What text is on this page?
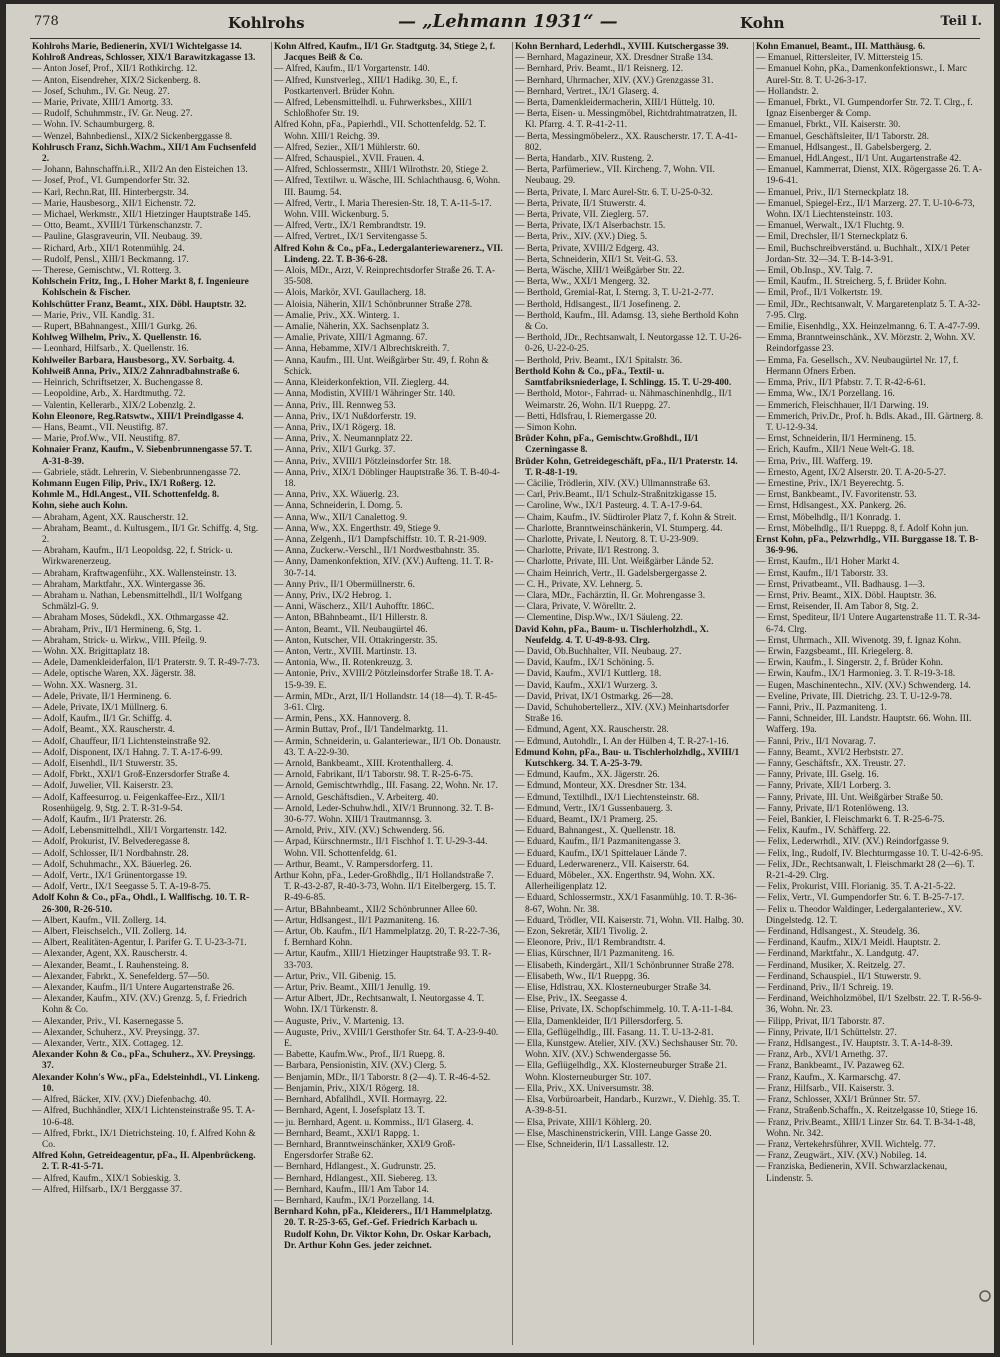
778	Kohlrohs	— „Lehmann 1931“ —	Kohn	Teil I.

Kohlrohs Marie, Bedienerin, XVI/1 Wichtelgasse 14.

Kohlroß Andreas, Schlosser, XIX/1 Barawitzkagasse 13.

— Anton Josef, Prof., XII/1 Rothkirchg. 12.

— Anton, Eisendreher, XIX/2 Sickenberg. 8.

— Josef, Schuhm., IV. Gr. Neug. 27.

— Marie, Private, XIII/1 Amortg. 33.

— Rudolf, Schuhmmstr., IV. Gr. Neug. 27.

— Wohn. IV. Schaumburgerg. 8.

— Wenzel, Bahnbediensl., XIX/2 Sickenberggasse 8.

Kohlrusch Franz, Sichh.Wachm., XII/1 Am Fuchsenfeld 2.

— Johann, Bahnschaffn.i.R., XII/2 An den Eisteichen 13.

— Josef, Prof., VI. Gumpendorfer Str. 32.

— Karl, Rechn.Rat, III. Hinterbergstr. 34.

— Marie, Hausbesorg., XII/1 Eichenstr. 72.

— Michael, Werkmstr., XII/1 Hietzinger Hauptstraße 145.

— Otto, Beamt., XVIII/1 Türkenschanzstr. 7.

— Pauline, Glasgraveurin, VII. Neubaug. 39.

— Richard, Arb., XII/1 Rotenmühlg. 24.

— Rudolf, Pensl., XIII/1 Beckmanng. 17.

— Therese, Gemischtw., VI. Rotterg. 3.

Kohlschein Fritz, Ing., I. Hoher Markt 8, f. Ingenieure Kohlschein & Fischer.

Kohlschütter Franz, Beamt., XIX. Döbl. Hauptstr. 32.

— Marie, Priv., VII. Kandlg. 31.

— Rupert, BBahnangest., XIII/1 Gurkg. 26.

Kohlweg Wilhelm, Priv., X. Quellenstr. 16.

— Leonhard, Hilfsarb., X. Quellenstr. 16.

Kohlweiler Barbara, Hausbesorg., XV. Sorbaitg. 4.

Kohlweiß Anna, Priv., XIX/2 Zahnradbahnstraße 6.

— Heinrich, Schriftsetzer, X. Buchengasse 8.

— Leopoldine, Arb., X. Hardtmuthg. 72.

— Valentin, Kellerarb., XIX/2 Lobenzlg. 2.

Kohn Eleonore, Reg.Ratswtw., XIII/1 Preindlgasse 4.

— Hans, Beamt., VII. Neustiftg. 87.

— Marie, Prof.Ww., VII. Neustiftg. 87.

Kohnaier Franz, Kaufm., V. Siebenbrunnengasse 57. T. A-31-8-39.

— Gabriele, städt. Lehrerin, V. Siebenbrunnengasse 72.

Kohmann Eugen Filip, Priv., IX/1 Roßerg. 12.

Kohmle M., Hdl.Angest., VII. Schottenfeldg. 8.

Kohn, siehe auch Kohn.

— Abraham, Agent, XX. Rauscherstr. 12.

— Abraham, Beamt., d. Kultusgem., II/1 Gr. Schiffg. 4, Stg. 2.

— Abraham, Kaufm., II/1 Leopoldsg. 22, f. Strick- u. Wirkwarenerzeug.

— Abraham, Kraftwagenführ., XX. Wallensteinstr. 13.

— Abraham, Marktfahr., XX. Wintergasse 36.

— Abraham u. Nathan, Lebensmittelhdl., II/1 Wolfgang Schmälzl-G. 9.

— Abraham Moses, Südekdl., XX. Othmargasse 42.

— Abraham, Priv., II/1 Hermineng. 6, Stg. 1.

— Abraham, Strick- u. Wirkw., VIII. Pfeilg. 9.

— Wohn. XX. Brigittaplatz 18.

— Adele, Damenkleiderfalon, II/1 Praterstr. 9. T. R-49-7-73.

— Adele, optische Waren, XX. Jägerstr. 38.

— Wohn. XX. Wasnerg. 31.

— Adele, Private, II/1 Hermineng. 6.

— Adele, Private, IX/1 Müllnerg. 6.

— Adolf, Kaufm., II/1 Gr. Schiffg. 4.

— Adolf, Beamt., XX. Rauscherstr. 4.

— Adolf, Chauffeur, II/1 Lichtensteinstraße 92.

— Adolf, Disponent, IX/1 Hahng. 7. T. A-17-6-99.

— Adolf, Eisenhdl., II/1 Stuwerstr. 35.

— Adolf, Fbrkt., XXI/1 Groß-Enzersdorfer Straße 4.

— Adolf, Juwelier, VII. Kaiserstr. 23.

— Adolf, Kaffeesurrog. u. Feigenkaffee-Erz., XII/1 Rosenhügelg. 9, Stg. 2. T. R-31-9-54.

— Adolf, Kaufm., II/1 Praterstr. 26.

— Adolf, Lebensmittelhdl., XII/1 Vorgartenstr. 142.

— Adolf, Prokurist, IV. Belvederegasse 8.

— Adolf, Schlosser, II/1 Nordbahnstr. 28.

— Adolf, Schuhmachr., XX. Bäuerleg. 26.

— Adolf, Vertr., IX/1 Grünentorgasse 19.

— Adolf, Vertr., IX/1 Seegasse 5. T. A-19-8-75.

Adolf Kohn & Co., pFa., Ohdl., I. Wallfischg. 10. T. R-26-300, R-26-510.

— Albert, Kaufm., VII. Zollerg. 14.

— Albert, Fleischselch., VII. Zollerg. 14.

— Albert, Realitäten-Agentur, I. Parifer G. T. U-23-3-71.

— Alexander, Agent, XX. Rauscherstr. 4.

— Alexander, Beamt., I. Rauhensteing. 8.

— Alexander, Fabrkt., X. Senefelderg. 57—50.

— Alexander, Kaufm., II/1 Untere Augartenstraße 26.

— Alexander, Kaufm., XIV. (XV.) Grenzg. 5, f. Friedrich Kohn & Co.

— Alexander, Priv., VI. Kasernegasse 5.

— Alexander, Schuherz., XV. Preysingg. 37.

— Alexander, Vertr., XIX. Cottageg. 12.

Alexander Kohn & Co., pFa., Schuherz., XV. Preysingg. 37.

Alexander Kohn's Ww., pFa., Edelsteinhdl., VI. Linkeng. 10.

— Alfred, Bäcker, XIV. (XV.) Diefenbachg. 40.

— Alfred, Buchhändler, XIX/1 Lichtensteinstraße 95. T. A-10-6-48.

— Alfred, Fbrkt., IX/1 Dietrichsteing. 10, f. Alfred Kohn & Co.

Alfred Kohn, Getreideagentur, pFa., II. Alpenbrückeng. 2. T. R-41-5-71.

— Alfred, Kaufm., XIX/1 Sobieskig. 3.

— Alfred, Hilfsarb., IX/1 Berggasse 37.

Kohn Alfred, Kaufm., II/1 Gr. Stadtgutg. 34, Stiege 2, f. Jacques Beiß & Co.

— Alfred, Kaufm., II/1 Vorgartenstr. 140.

— Alfred, Kunstverleg., XIII/1 Hadikg. 30, E., f. Postkartenverl. Brüder Kohn.

— Alfred, Lebensmittelhdl. u. Fuhrwerksbes., XIII/1 Schloßhofer Str. 19.

Alfred Kohn, pFa., Papierhdl., VII. Schottenfeldg. 52. T. Wohn. XIII/1 Reichg. 39.

— Alfred, Sezier., XII/1 Mühlerstr. 60.

— Alfred, Schauspiel., XVII. Frauen. 4.

— Alfred, Schlossermstr., XIII/1 Wilrothstr. 20, Stiege 2.

— Alfred, Textilwr. u. Wäsche, III. Schlachthausg. 6, Wohn. III. Baumg. 54.

— Alfred, Vertr., I. Maria Theresien-Str. 18, T. A-11-5-17. Wohn. VIII. Wickenburg. 5.

— Alfred, Vertr., IX/1 Rembrandtstr. 19.

— Alfred, Vertret., IX/1 Servitengasse 5.

Alfred Kohn & Co., pFa., Ledergalanteriewarenerz., VII. Lindeng. 22. T. B-36-6-28.

— Alois, MDr., Arzt, V. Reinprechtsdorfer Straße 26. T. A-35-508.

— Alois, Markör, XVI. Gaullacherg. 18.

— Aloisia, Näherin, XII/1 Schönbrunner Straße 278.

— Amalie, Priv., XX. Winterg. 1.

— Amalie, Näherin, XX. Sachsenplatz 3.

— Amalie, Private, XIII/1 Agmanng. 67.

— Anna, Hebamme, XIV/1 Albrechtskreith. 7.

— Anna, Kaufm., III. Unt. Weißgärber Str. 49, f. Rohn & Schick.

— Anna, Kleiderkonfektion, VII. Zieglerg. 44.

— Anna, Modistin, XVIII/1 Währinger Str. 140.

— Anna, Priv., III. Rennweg 53.

— Anna, Priv., IX/1 Nußdorferstr. 19.

— Anna, Priv., IX/1 Rögerg. 18.

— Anna, Priv., X. Neumannplatz 22.

— Anna, Priv., XII/1 Gurkg. 37.

— Anna, Priv., XVIII/1 Pötzleinsdorfer Str. 18.

— Anna, Priv., XIX/1 Döblinger Hauptstraße 36. T. B-40-4-18.

— Anna, Priv., XX. Wäuerlg. 23.

— Anna, Schneiderin, I. Domg. 5.

— Anna, Ww., XII/1 Canalettog. 9.

— Anna, Ww., XX. Engerthstr. 49, Stiege 9.

— Anna, Zelgenh., II/1 Dampfschiffstr. 10. T. R-21-909.

— Anna, Zuckerw.-Verschl., II/1 Nordwestbahnstr. 35.

— Anny, Damenkonfektion, XIV. (XV.) Aufteng. 11. T. R-30-7-14.

— Anny Priv., II/1 Obermüllnerstr. 6.

— Anny, Priv., IX/2 Hebrog. 1.

— Anni, Wäscherz., XII/1 Auhofftr. 186C.

— Anton, BBahnbeamt., II/1 Hillerstr. 8.

— Anton, Beamt., VII. Neubaugürtel 46.

— Anton, Kutscher, VII. Ottakringerstr. 35.

— Anton, Vertr., XVIII. Martinstr. 13.

— Antonia, Ww., II. Rotenkreuzg. 3.

— Antonie, Priv., XVIII/2 Pötzleinsdorfer Straße 18. T. A-15-9-39. E.

— Armin, MDr., Arzt, II/1 Hollandstr. 14 (18—4). T. R-45-3-61. Clrg.

— Armin, Pens., XX. Hannoverg. 8.

— Armin Buttav, Prof., II/1 Tandelmarktg. 11.

— Armin, Schneiderin, u. Galanteriewar., II/1 Ob. Donaustr. 43. T. A-22-9-30.

— Arnold, Bankbeamt., XIII. Krotenthallerg. 4.

— Arnold, Fabrikant, II/1 Taborstr. 98. T. R-25-6-75.

— Arnold, Gemischtwrhdlg., III. Fasang. 22, Wohn. Nr. 17.

— Arnold, Geschäftsdien., V. Arbeiterg. 40.

— Arnold, Leder-Schuhw.hdl., XIV/1 Brunnong. 32. T. B-30-6-77. Wohn. XIII/1 Trautmannsg. 3.

— Arnold, Priv., XIV. (XV.) Schwenderg. 56.

— Arpad, Kürschnermstr., II/1 Fischhof 1. T. U-29-3-44. Wohn. VII. Schottenfeldg. 61.

— Arthur, Beamt., V. Rampersdorferg. 11.

Arthur Kohn, pFa., Leder-Großhdlg., II/1 Hollandstraße 7. T. R-43-2-87, R-40-3-73, Wohn. II/1 Eitelbergerg. 15. T. R-49-6-85.

— Artur, BBahnbeamt., XII/2 Schönbrunner Allee 60.

— Artur, Hdlsangest., II/1 Pazmaniteng. 16.

— Artur, Ob. Kaufm., II/1 Hammelplatzg. 20, T. R-22-7-36, f. Bernhard Kohn.

— Artur, Kaufm., XIII/1 Hietzinger Hauptstraße 93. T. R-33-703.

— Artur, Priv., VII. Gibenig. 15.

— Artur, Priv. Beamt., XIII/1 Jenullg. 19.

— Artur Albert, JDr., Rechtsanwalt, I. Neutorgasse 4. T. Wohn. IX/1 Türkenstr. 8.

— Auguste, Priv., V. Martenig. 13.

— Auguste, Priv., XVIII/1 Gersthofer Str. 64. T. A-23-9-40. E.

— Babette, Kaufm.Ww., Prof., II/1 Ruepg. 8.

— Barbara, Pensionistin, XIV. (XV.) Clerg. 5.

— Benjamin, MDr., II/1 Taborstr. 8 (2—4). T. R-46-4-52.

— Benjamin, Priv., XIX/1 Rögerg. 18.

— Bernhard, Abfallhdl., XVII. Hormayrg. 22.

— Bernhard, Agent, I. Josefsplatz 13. T.

— ju. Bernhard, Agent. u. Kommiss., II/1 Glaserg. 4.

— Bernhard, Beamt., XXI/1 Rappg. 1.

— Bernhard, Branntweinschänker, XXI/9 Groß-Engersdorfer Straße 62.

— Bernhard, Hdlangest., X. Gudrunstr. 25.

— Bernhard, Hdlangest., XII. Siebereg. 13.

— Bernhard, Kaufm., III/1 Am Tabor 14.

— Bernhard, Kaufm., IX/1 Porzellang. 14.

Bernhard Kohn, pFa., Kleiderers., II/1 Hammelplatzg. 20. T. R-25-3-65, Gef.-Gef. Friedrich Karbach u. Rudolf Kohn, Dr. Viktor Kohn, Dr. Oskar Karbach, Dr. Arthur Kohn Ges. jeder zeichnet.

Kohn Bernhard, Lederhdl., XVIII. Kutschergasse 39.

— Bernhard, Magazineur, XX. Dresdner Straße 134.

— Bernhard, Priv. Beamt., II/1 Reisnerg. 12.

— Bernhard, Uhrmacher, XIV. (XV.) Grenzgasse 31.

— Bernhard, Vertret., IX/1 Glaserg. 4.

— Berta, Damenkleidermacherin, XIII/1 Hüttelg. 10.

— Berta, Eisen- u. Messingmöbel, Richtdrahtmatratzen, II. Kl. Pfarrg. 4. T. R-41-2-11.

— Berta, Messingmöbelerz., XX. Rauscherstr. 17. T. A-41-802.

— Berta, Handarb., XIV. Rusteng. 2.

— Berta, Parfümeriew., VII. Kircheng. 7, Wohn. VII. Neubaug. 29.

— Berta, Private, I. Marc Aurel-Str. 6. T. U-25-0-32.

— Berta, Private, II/1 Stuwerstr. 4.

— Berta, Private, VII. Zieglerg. 57.

— Berta, Private, IX/1 Alserbachstr. 15.

— Berta, Priv., XIV. (XV.) Dieg. 5.

— Berta, Private, XVIII/2 Edgerg. 43.

— Berta, Schneiderin, XII/1 St. Veit-G. 53.

— Berta, Wäsche, XIII/1 Weißgärber Str. 22.

— Berta, Ww., XXI/1 Mengerg. 32.

— Berthold, Gremial-Rat, I. Sterng. 3, T. U-21-2-77.

— Berthold, Hdlsangest., II/1 Josefineng. 2.

— Berthold, Kaufm., III. Adamsg. 13, siehe Berthold Kohn & Co.

— Berthold, JDr., Rechtsanwalt, I. Neutorgasse 12. T. U-26-0-26, U-22-0-25.

— Berthold, Priv. Beamt., IX/1 Spitalstr. 36.

Berthold Kohn & Co., pFa., Textil- u. Samtfabriksniederlage, I. Schlingg. 15. T. U-29-400.

— Berthold, Motor-, Fahrrad- u. Nähmaschinenhdlg., II/1 Weimarstr. 26, Wohn. II/1 Rueppg. 27.

— Betti, Hdlsfrau, I. Riemergasse 20.

— Simon Kohn.

Brüder Kohn, pFa., Gemischtw.Großhdl., II/1 Czerningasse 8.

Brüder Kohn, Getreidegeschäft, pFa., II/1 Praterstr. 14. T. R-48-1-19.

— Cäcilie, Trödlerin, XIV. (XV.) Ullmannstraße 63.

— Carl, Priv.Beamt., II/1 Schulz-Straßnitzkigasse 15.

— Caroline, Ww., IX/1 Pasteurg. 4. T. A-17-9-64.

— Chaim, Kaufm., IV. Südtiroler Platz 7, f. Kohn & Streit.

— Charlotte, Branntweinschänkerin, VI. Stumperg. 44.

— Charlotte, Private, I. Neutorg. 8. T. U-23-909.

— Charlotte, Private, II/1 Restrong. 3.

— Charlotte, Private, III. Unt. Weißgärber Lände 52.

— Chaim Heinrich, Vertr., II. Gadelsbergergasse 2.

— C. H., Private, XV. Lehnerg. 5.

— Clara, MDr., Fachärztin, II. Gr. Mohrengasse 3.

— Clara, Private, V. Wörelltr. 2.

— Clementine, Disp.Ww., IX/1 Säuleng. 22.

David Kohn, pFa., Baum- u. Tischlerholzhdl., X. Neufeldg. 4. T. U-49-8-93. Clrg.

— David, Ob.Buchhalter, VII. Neubaug. 27.

— David, Kaufm., IX/1 Schöning. 5.

— David, Kaufm., XVI/1 Kuttlerg. 18.

— David, Kaufm., XXI/1 Wurzerg. 3.

— David, Privat, IX/1 Ostmarkg. 26—28.

— David, Schuhobertellerz., XIV. (XV.) Meinhartsdorfer Straße 16.

— Edmund, Agent, XX. Rauscherstr. 28.

— Edmund, Autohdlr., I. An der Hülben 4, T. R-27-1-16.

Edmund Kohn, pFa., Bau- u. Tischlerholzhdlg., XVIII/1 Kutschkerg. 34. T. A-25-3-79.

— Edmund, Kaufm., XX. Jägerstr. 26.

— Edmund, Monteur, XX. Dresdner Str. 134.

— Edmund, Textilhdl., IX/1 Liechtensteinstr. 68.

— Edmund, Vertr., IX/1 Gussenbauerg. 3.

— Eduard, Beamt., IX/1 Pramerg. 25.

— Eduard, Bahnangest., X. Quellenstr. 18.

— Eduard, Kaufm., II/1 Pazmanitengasse 3.

— Eduard, Kaufm., IX/1 Spittelauer Lände 7.

— Eduard, Lederwarenerz., VII. Kaiserstr. 64.

— Eduard, Möbeler., XX. Engerthstr. 94, Wohn. XX. Allerheiligenplatz 12.

— Eduard, Schlossermstr., XX/1 Fasanmühlg. 10. T. R-36-8-67, Wohn. Nr. 38.

— Eduard, Trödler, VII. Kaiserstr. 71, Wohn. VII. Halbg. 30.

— Ezon, Sekretär, XII/1 Tivolig. 2.

— Eleonore, Priv., II/1 Rembrandtstr. 4.

— Elias, Kürschner, II/1 Pazmaniteng. 16.

— Elisabeth, Kindergärt., XII/1 Schönbrunner Straße 278.

— Elisabeth, Ww., II/1 Rueppg. 36.

— Elise, Hdlstrau, XX. Klosterneuburger Straße 34.

— Else, Priv., IX. Seegasse 4.

— Elise, Private, IX. Schopfschimmelg. 10. T. A-11-1-84.

— Ella, Damenkleider, II/1 Pillersdorferg. 5.

— Ella, Geflügelhdlg., III. Fasang. 11. T. U-13-2-81.

— Ella, Kunstgew. Atelier, XIV. (XV.) Sechshauser Str. 70. Wohn. XIV. (XV.) Schwendergasse 56.

— Ella, Geflügelhdlg., XX. Klosterneuburger Straße 21. Wohn. Klosterneuburger Str. 107.

— Ella, Priv., XX. Universumstr. 38.

— Elsa, Vorbüroarbeit, Handarb., Kurzwr., V. Diehlg. 35. T. A-39-8-51.

— Elsa, Private, XIII/1 Köhlerg. 20.

— Else, Maschinenstrickerin, VIII. Lange Gasse 20.

— Else, Schneiderin, II/1 Lassallestr. 12.

Kohn Emanuel, Beamt., III. Matthäusg. 6.

— Emanuel, Rittersleiter, IV. Mittersteig 15.

— Emanuel Kohn, pKa., Damenkonfektionswr., I. Marc Aurel-Str. 8. T. U-26-3-17.

— Hollandstr. 2.

— Emanuel, Fbrkt., VI. Gumpendorfer Str. 72. T. Clrg., f. Ignaz Eisenberger & Comp.

— Emanuel, Fbrkt., VII. Kaiserstr. 30.

— Emanuel, Geschäftsleiter, II/1 Taborstr. 28.

— Emanuel, Hdlsangest., II. Gabelsbergerg. 2.

— Emanuel, Hdl.Angest., II/1 Unt. Augartenstraße 42.

— Emanuel, Kammerrat, Dienst, XIX. Rögergasse 26. T. A-19-6-41.

— Emanuel, Priv., II/1 Sterneckplatz 18.

— Emanuel, Spiegel-Erz., II/1 Marzerg. 27. T. U-10-6-73, Wohn. IX/1 Liechtensteinstr. 103.

— Emanuel, Werwalt., IX/1 Fluchtg. 9.

— Emil, Drechsler, II/1 Sterneckplatz 6.

— Emil, Buchschreibverständ. u. Buchhalt., XIX/1 Peter Jordan-Str. 32—34. T. B-14-3-91.

— Emil, Ob.Insp., XV. Talg. 7.

— Emil, Kaufm., II. Streicherg. 5, f. Brüder Kohn.

— Emil, Prof., II/1 Volkertstr. 19.

— Emil, JDr., Rechtsanwalt, V. Margaretenplatz 5. T. A-32-7-95. Clrg.

— Emilie, Eisenhdlg., XX. Heinzelmanng. 6. T. A-47-7-99.

— Emma, Branntweinschänk., XV. Mörzstr. 2, Wohn. XV. Reindorfgasse 23.

— Emma, Fa. Gesellsch., XV. Neubaugürtel Nr. 17, f. Hermann Ofners Erben.

— Emma, Priv., II/1 Pfabstr. 7. T. R-42-6-61.

— Emma, Ww., IX/1 Porzellang. 16.

— Emmerich, Fleischhauer, II/1 Darwing. 19.

— Emmerich, Priv.Dr., Prof. h. Bdls. Akad., III. Gärtnerg. 8. T. U-12-9-34.

— Ernst, Schneiderin, II/1 Hermineng. 15.

— Erich, Kaufm., XII/1 Neue Welt-G. 18.

— Erna, Priv., III. Wafferg. 19.

— Ernesto, Agent, IX/2 Alserstr. 20. T. A-20-5-27.

— Ernestine, Priv., IX/1 Beyerechtg. 5.

— Ernst, Bankbeamt., IV. Favoritenstr. 53.

— Ernst, Hdlsangest., XX. Pankerg. 26.

— Ernst, Möbelhdlg., II/1 Konradg. 1.

— Ernst, Möbelhdlg., II/1 Rueppg. 8, f. Adolf Kohn jun.

Ernst Kohn, pFa., Pelzwrhdlg., VII. Burggasse 18. T. B-36-9-96.

— Ernst, Kaufm., II/1 Hoher Markt 4.

— Ernst, Kaufm., II/1 Taborstr. 33.

— Ernst, Privatbeamt., VII. Badhausg. 1—3.

— Ernst, Priv. Beamt., XIX. Döbl. Hauptstr. 36.

— Ernst, Reisender, II. Am Tabor 8, Stg. 2.

— Ernst, Spediteur, II/1 Untere Augartenstraße 11. T. R-34-6-74. Clrg.

— Ernst, Uhrmach., XII. Wivenotg. 39, f. Ignaz Kohn.

— Erwin, Fazgsbeamt., III. Kriegelerg. 8.

— Erwin, Kaufm., I. Singerstr. 2, f. Brüder Kohn.

— Erwin, Kaufm., IX/1 Harmonieg. 3. T. R-19-3-18.

— Eugen, Maschinentechn., XIV. (XV.) Schwenderg. 14.

— Eveline, Private, III. Dietrichg. 23. T. U-12-9-78.

— Fanni, Priv., II. Pazmaniteng. 1.

— Fanni, Schneider, III. Landstr. Hauptstr. 66. Wohn. III. Wafferg. 19a.

— Fanni, Priv., II/1 Novarag. 7.

— Fanny, Beamt., XVI/2 Herbststr. 27.

— Fanny, Geschäftsfr., XX. Treustr. 27.

— Fanny, Private, III. Gselg. 16.

— Fanny, Private, XII/1 Lorberg. 3.

— Fanny, Private, III. Unt. Weißgärber Straße 50.

— Fanny, Private, II/1 Rotenlöweng. 13.

— Feiel, Bankier, I. Fleischmarkt 6. T. R-25-6-75.

— Felix, Kaufm., IV. Schäfferg. 22.

— Felix, Lederwrhdl., XIV. (XV.) Reindorfgasse 9.

— Felix, Ing., Rudolf, IV. Blechturmgasse 10. T. U-42-6-95.

— Felix, JDr., Rechtsanwalt, I. Fleischmarkt 28 (2—6). T. R-21-4-29. Clrg.

— Felix, Prokurist, VIII. Florianig. 35. T. A-21-5-22.

— Felix, Vertr., VI. Gumpendorfer Str. 6. T. B-25-7-17.

— Felix u. Theodor Waldinger, Ledergalanteriew., XV. Dingelstedg. 12. T.

— Ferdinand, Hdlsangest., X. Steudelg. 36.

— Ferdinand, Kaufm., XIX/1 Meidl. Hauptstr. 2.

— Ferdinand, Marktfahr., X. Landgutg. 47.

— Ferdinand, Musiker, X. Reitzelg. 27.

— Ferdinand, Schauspiel., II/1 Stuwerstr. 9.

— Ferdinand, Priv., II/1 Schreig. 19.

— Ferdinand, Weichholzmöbel, II/1 Szelbstr. 22. T. R-56-9-36, Wohn. Nr. 23.

— Filipp, Privat, II/1 Taborstr. 87.

— Finny, Private, II/1 Schüttelstr. 27.

— Franz, Hdlsangest., IV. Hauptstr. 3. T. A-14-8-39.

— Franz, Arb., XVI/1 Arnethg. 37.

— Franz, Bankbeamt., IV. Pazaweg 62.

— Franz, Kaufm., X. Karmarschg. 47.

— Franz, Hilfsarb., VII. Kaiserstr. 3.

— Franz, Schlosser, XXI/1 Brünner Str. 57.

— Franz, Straßenb.Schaffn., X. Reitzelgasse 10, Stiege 16.

— Franz, Priv.Beamt., XIII/1 Linzer Str. 64. T. B-34-1-48, Wohn. Nr. 342.

— Franz, Vertekehrsführer, XVII. Wichtelg. 77.

— Franz, Zeugwärt., XIV. (XV.) Nobileg. 14.

— Franziska, Bedienerin, XVII. Schwarzlackenau, Lindenstr. 5.
